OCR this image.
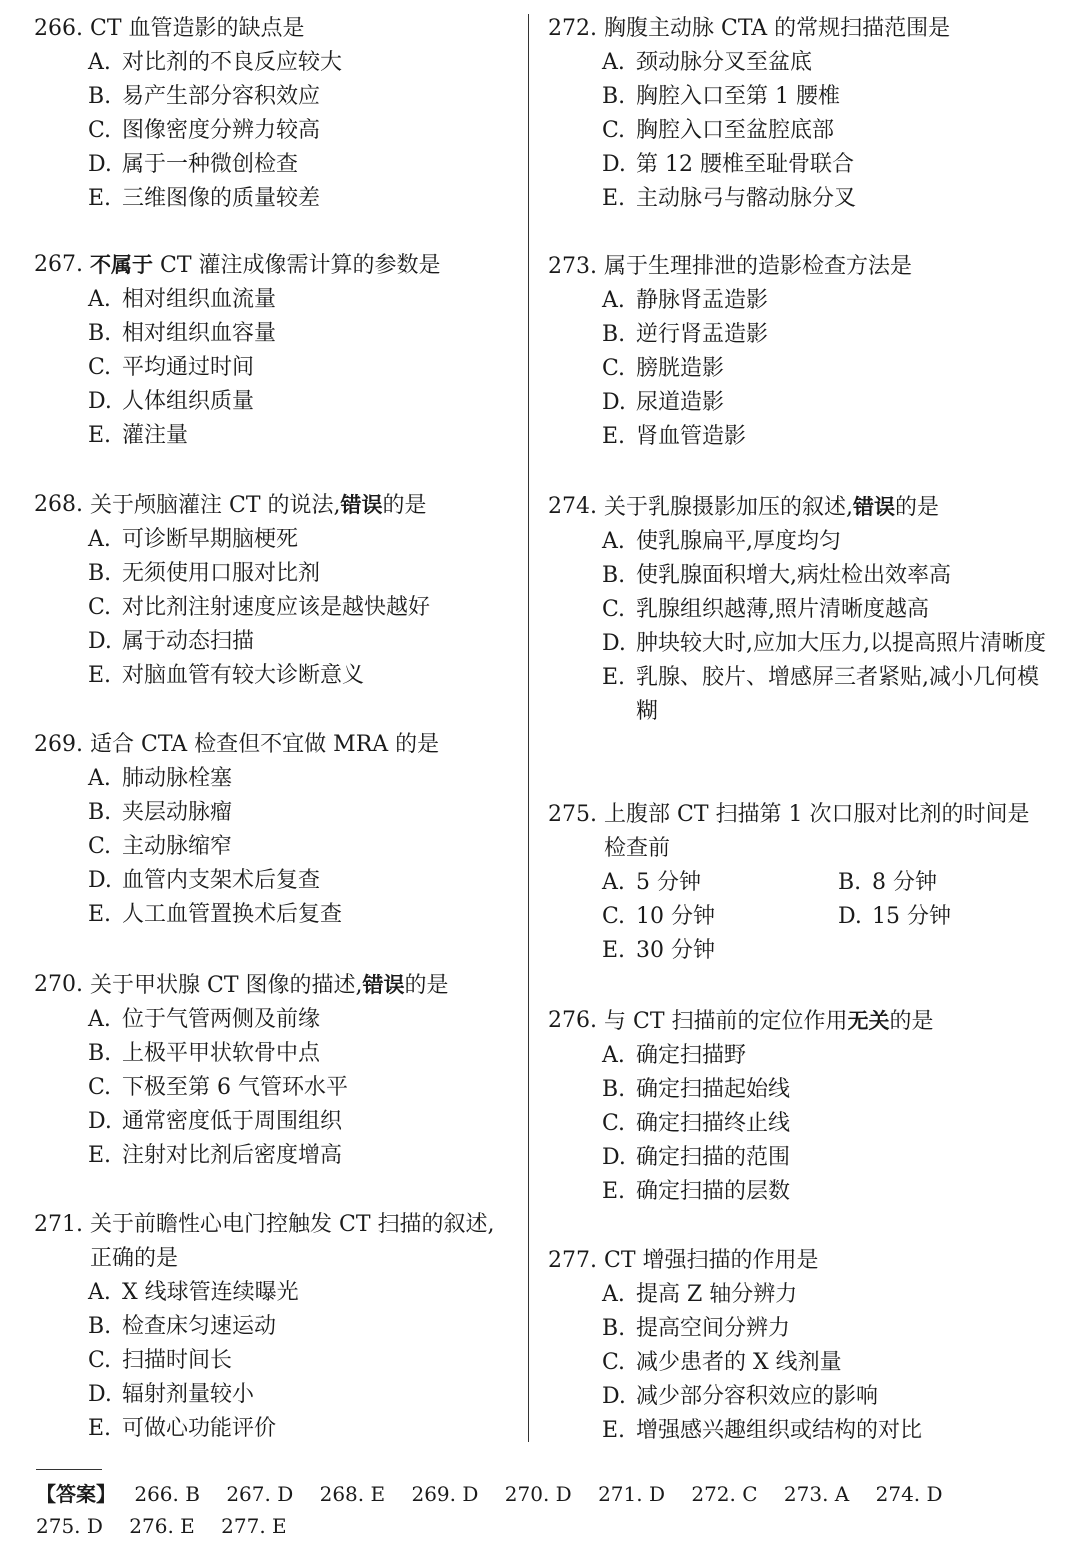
266. CT 血管造影的缺点是
A. 对比剂的不良反应较大
B. 易产生部分容积效应
C. 图像密度分辨力较高
D. 属于一种微创检查
E. 三维图像的质量较差
267. 不属于 CT 灌注成像需计算的参数是
A. 相对组织血流量
B. 相对组织血容量
C. 平均通过时间
D. 人体组织质量
E. 灌注量
268. 关于颅脑灌注 CT 的说法,错误的是
A. 可诊断早期脑梗死
B. 无须使用口服对比剂
C. 对比剂注射速度应该是越快越好
D. 属于动态扫描
E. 对脑血管有较大诊断意义
269. 适合 CTA 检查但不宜做 MRA 的是
A. 肺动脉栓塞
B. 夹层动脉瘤
C. 主动脉缩窄
D. 血管内支架术后复查
E. 人工血管置换术后复查
270. 关于甲状腺 CT 图像的描述,错误的是
A. 位于气管两侧及前缘
B. 上极平甲状软骨中点
C. 下极至第 6 气管环水平
D. 通常密度低于周围组织
E. 注射对比剂后密度增高
271. 关于前瞻性心电门控触发 CT 扫描的叙述,正确的是
A. X 线球管连续曝光
B. 检查床匀速运动
C. 扫描时间长
D. 辐射剂量较小
E. 可做心功能评价
272. 胸腹主动脉 CTA 的常规扫描范围是
A. 颈动脉分叉至盆底
B. 胸腔入口至第 1 腰椎
C. 胸腔入口至盆腔底部
D. 第 12 腰椎至耻骨联合
E. 主动脉弓与髂动脉分叉
273. 属于生理排泄的造影检查方法是
A. 静脉肾盂造影
B. 逆行肾盂造影
C. 膀胱造影
D. 尿道造影
E. 肾血管造影
274. 关于乳腺摄影加压的叙述,错误的是
A. 使乳腺扁平,厚度均匀
B. 使乳腺面积增大,病灶检出效率高
C. 乳腺组织越薄,照片清晰度越高
D. 肿块较大时,应加大压力,以提高照片清晰度
E. 乳腺、胶片、增感屏三者紧贴,减小几何模糊
275. 上腹部 CT 扫描第 1 次口服对比剂的时间是检查前
A. 5 分钟	B. 8 分钟
C. 10 分钟	D. 15 分钟
E. 30 分钟
276. 与 CT 扫描前的定位作用无关的是
A. 确定扫描野
B. 确定扫描起始线
C. 确定扫描终止线
D. 确定扫描的范围
E. 确定扫描的层数
277. CT 增强扫描的作用是
A. 提高 Z 轴分辨力
B. 提高空间分辨力
C. 减少患者的 X 线剂量
D. 减少部分容积效应的影响
E. 增强感兴趣组织或结构的对比
【答案】 266. B 267. D 268. E 269. D 270. D 271. D 272. C 273. A 274. D 275. D 276. E 277. E
